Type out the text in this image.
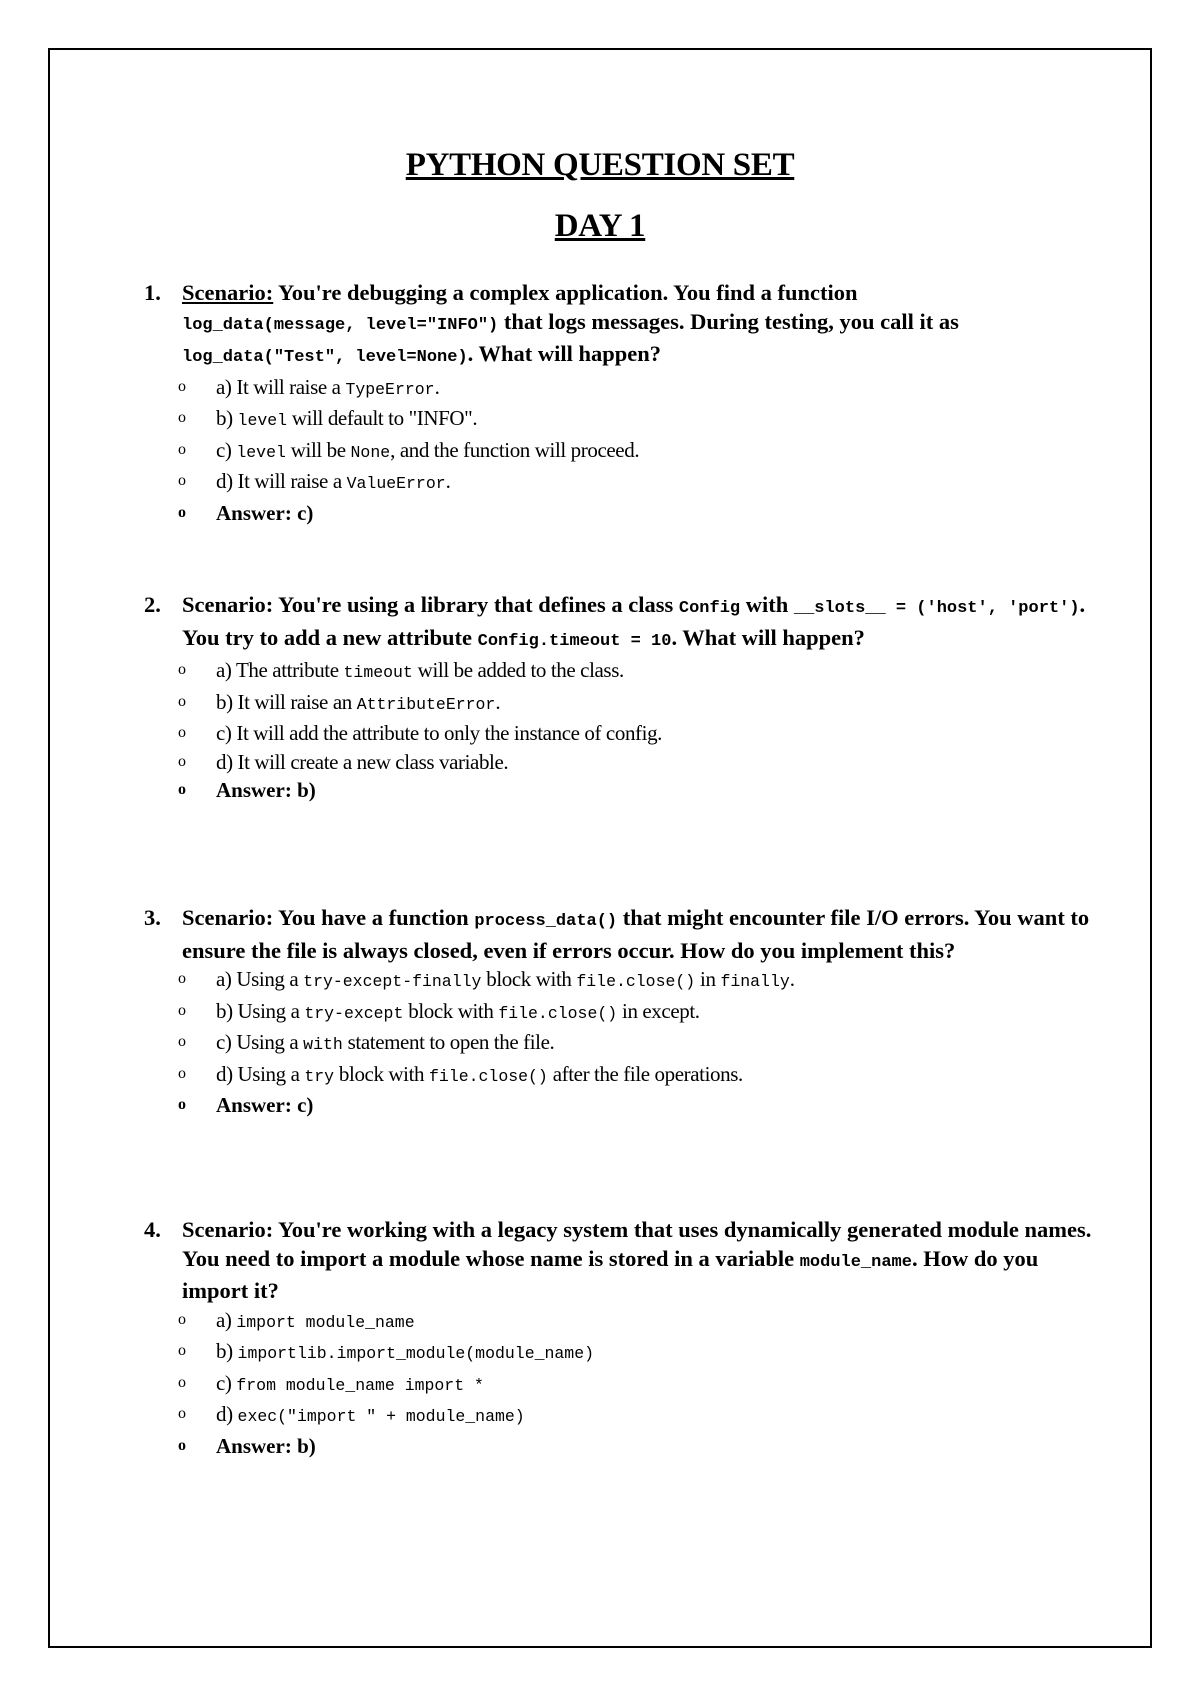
PYTHON QUESTION SET
DAY 1
1. Scenario: You're debugging a complex application. You find a function
log_data(message, level="INFO") that logs messages. During testing, you call it as
log_data("Test", level=None). What will happen?
o a) It will raise a TypeError.
o b) level will default to "INFO".
o c) level will be None, and the function will proceed.
o d) It will raise a ValueError.
o Answer: c)
2. Scenario: You're using a library that defines a class Config with __slots__ = ('host', 'port'). You try to add a new attribute Config.timeout = 10. What will happen?
o a) The attribute timeout will be added to the class.
o b) It will raise an AttributeError.
o c) It will add the attribute to only the instance of config.
o d) It will create a new class variable.
o Answer: b)
3. Scenario: You have a function process_data() that might encounter file I/O errors. You want to ensure the file is always closed, even if errors occur. How do you implement this?
o a) Using a try-except-finally block with file.close() in finally.
o b) Using a try-except block with file.close() in except.
o c) Using a with statement to open the file.
o d) Using a try block with file.close() after the file operations.
o Answer: c)
4. Scenario: You're working with a legacy system that uses dynamically generated module names. You need to import a module whose name is stored in a variable module_name. How do you import it?
o a) import module_name
o b) importlib.import_module(module_name)
o c) from module_name import *
o d) exec("import " + module_name)
o Answer: b)
